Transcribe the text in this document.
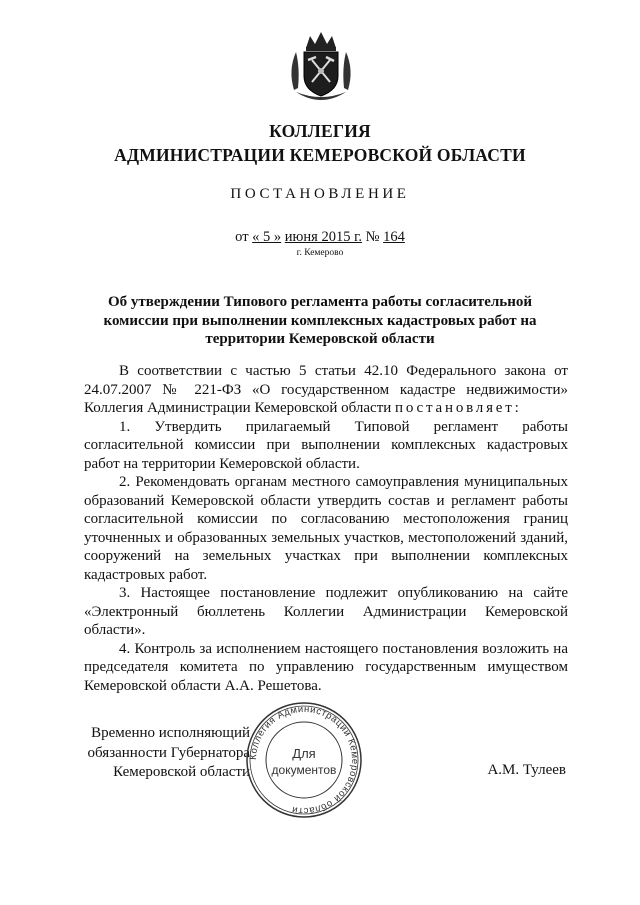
КОЛЛЕГИЯ
АДМИНИСТРАЦИИ КЕМЕРОВСКОЙ ОБЛАСТИ
ПОСТАНОВЛЕНИЕ
от « 5 » июня 2015 г. № 164
г. Кемерово
Об утверждении Типового регламента работы согласительной комиссии при выполнении комплексных кадастровых работ на территории Кемеровской области

В соответствии с частью 5 статьи 42.10 Федерального закона от 24.07.2007 № 221-ФЗ «О государственном кадастре недвижимости» Коллегия Администрации Кемеровской области постановляет:

1. Утвердить прилагаемый Типовой регламент работы согласительной комиссии при выполнении комплексных кадастровых работ на территории Кемеровской области.

2. Рекомендовать органам местного самоуправления муниципальных образований Кемеровской области утвердить состав и регламент работы согласительной комиссии по согласованию местоположения границ уточненных и образованных земельных участков, местоположений зданий, сооружений на земельных участках при выполнении комплексных кадастровых работ.

3. Настоящее постановление подлежит опубликованию на сайте «Электронный бюллетень Коллегии Администрации Кемеровской области».

4. Контроль за исполнением настоящего постановления возложить на председателя комитета по управлению государственным имуществом Кемеровской области А.А. Решетова.

Временно исполняющий
обязанности Губернатора
Кемеровской области
Коллегия Администрации Кемеровской области
Для
документов	А.М. Тулеев
